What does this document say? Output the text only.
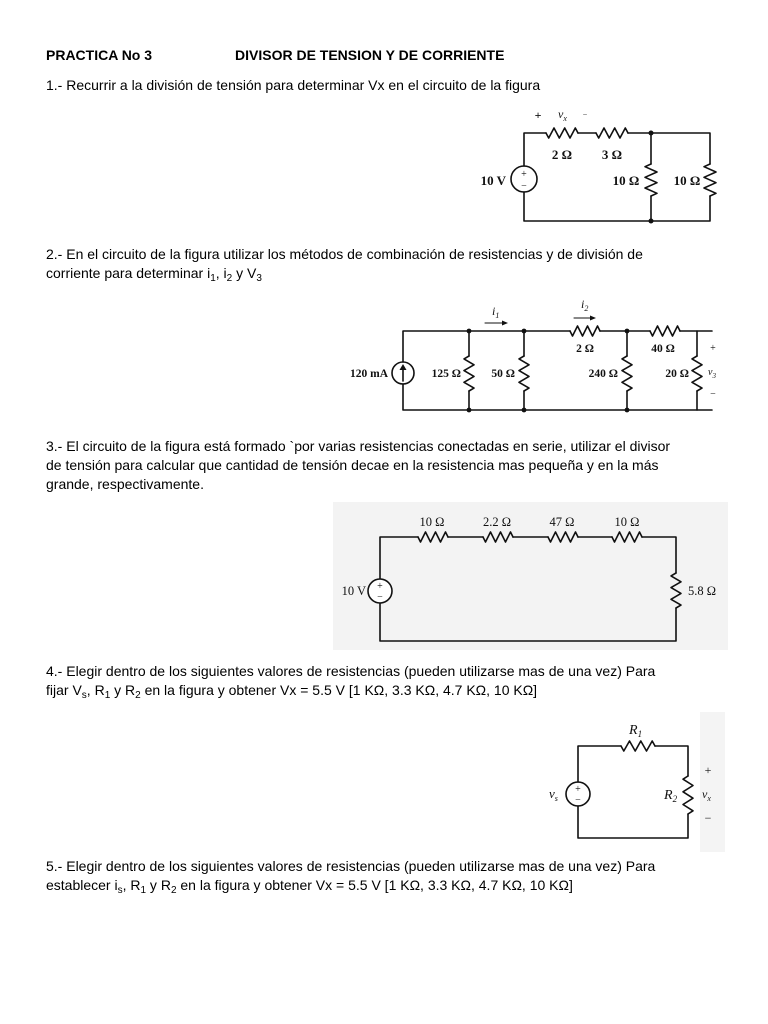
PRACTICA No 3	DIVISOR DE TENSION Y DE CORRIENTE
1.- Recurrir a la división de tensión para determinar Vx en el circuito de la figura
+
−
+ $v_x$ −
2 Ω 3 Ω
10 V	10 Ω	10 Ω
2.- En el circuito de la figura utilizar los métodos de combinación de resistencias y de división de
corriente para determinar $i_1$, $i_2$ y $V_3$
120 mA	125 Ω	50 Ω	240 Ω	20 Ω
2 Ω	40 Ω
$i_1$
$i_2$
+
$v_3$
−
3.- El circuito de la figura está formado `por varias resistencias conectadas en serie, utilizar el divisor
de tensión para calcular que cantidad de tensión decae en la resistencia mas pequeña y en la más
grande, respectivamente.
+
−
10 Ω	2.2 Ω	47 Ω	10 Ω
5.8 Ω
10 V
4.- Elegir dentro de los siguientes valores de resistencias (pueden utilizarse mas de una vez) Para
fijar $V_s$, $R_1$ y $R_2$ en la figura y obtener Vx = 5.5 V [1 KΩ, 3.3 KΩ, 4.7 KΩ, 10 KΩ]
+
−
$R_1$
$R_2$
$v_s$	$v_x$
+
−
5.- Elegir dentro de los siguientes valores de resistencias (pueden utilizarse mas de una vez) Para
establecer $i_s$, $R_1$ y $R_2$ en la figura y obtener Vx = 5.5 V [1 KΩ, 3.3 KΩ, 4.7 KΩ, 10 KΩ]
